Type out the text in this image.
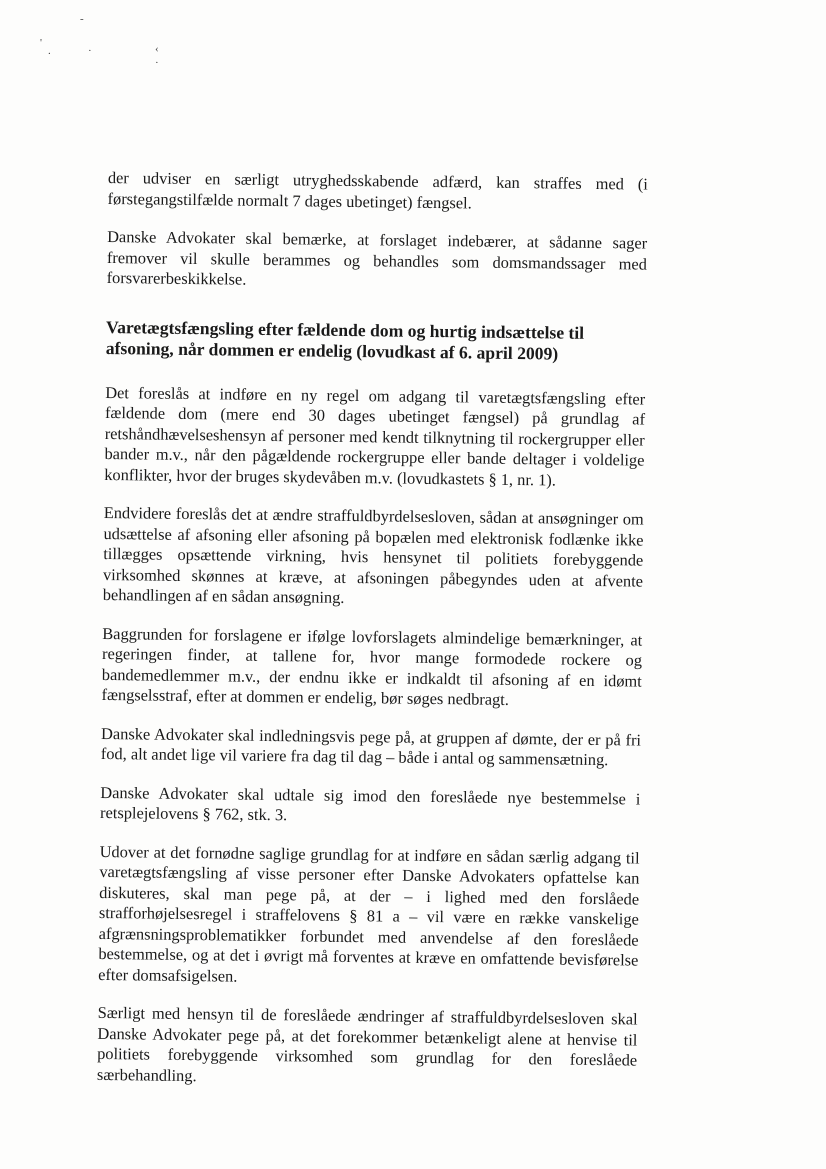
-
'
.	·	‹
·

der udviser en særligt utryghedsskabende adfærd, kan straffes med (i førstegangstilfælde normalt 7 dages ubetinget) fængsel.

Danske Advokater skal bemærke, at forslaget indebærer, at sådanne sager fremover vil skulle berammes og behandles som domsmandssager med forsvarerbeskikkelse.

Varetægtsfængsling efter fældende dom og hurtig indsættelse til afsoning, når dommen er endelig (lovudkast af 6. april 2009)

Det foreslås at indføre en ny regel om adgang til varetægtsfængsling efter fældende dom (mere end 30 dages ubetinget fængsel) på grundlag af retshåndhævelseshensyn af personer med kendt tilknytning til rockergrupper eller bander m.v., når den pågældende rockergruppe eller bande deltager i voldelige konflikter, hvor der bruges skydevåben m.v. (lovudkastets § 1, nr. 1).

Endvidere foreslås det at ændre straffuldbyrdelsesloven, sådan at ansøgninger om udsættelse af afsoning eller afsoning på bopælen med elektronisk fodlænke ikke tillægges opsættende virkning, hvis hensynet til politiets forebyggende virksomhed skønnes at kræve, at afsoningen påbegyndes uden at afvente behandlingen af en sådan ansøgning.

Baggrunden for forslagene er ifølge lovforslagets almindelige bemærkninger, at regeringen finder, at tallene for, hvor mange formodede rockere og bandemedlemmer m.v., der endnu ikke er indkaldt til afsoning af en idømt fængselsstraf, efter at dommen er endelig, bør søges nedbragt.

Danske Advokater skal indledningsvis pege på, at gruppen af dømte, der er på fri fod, alt andet lige vil variere fra dag til dag – både i antal og sammensætning.

Danske Advokater skal udtale sig imod den foreslåede nye bestemmelse i retsplejelovens § 762, stk. 3.

Udover at det fornødne saglige grundlag for at indføre en sådan særlig adgang til varetægtsfængsling af visse personer efter Danske Advokaters opfattelse kan diskuteres, skal man pege på, at der – i lighed med den forslåede strafforhøjelsesregel i straffelovens § 81 a – vil være en række vanskelige afgrænsningsproblematikker forbundet med anvendelse af den foreslåede bestemmelse, og at det i øvrigt må forventes at kræve en omfattende bevisførelse efter domsafsigelsen.

Særligt med hensyn til de foreslåede ændringer af straffuldbyrdelsesloven skal Danske Advokater pege på, at det forekommer betænkeligt alene at henvise til politiets forebyggende virksomhed som grundlag for den foreslåede særbehandling.
